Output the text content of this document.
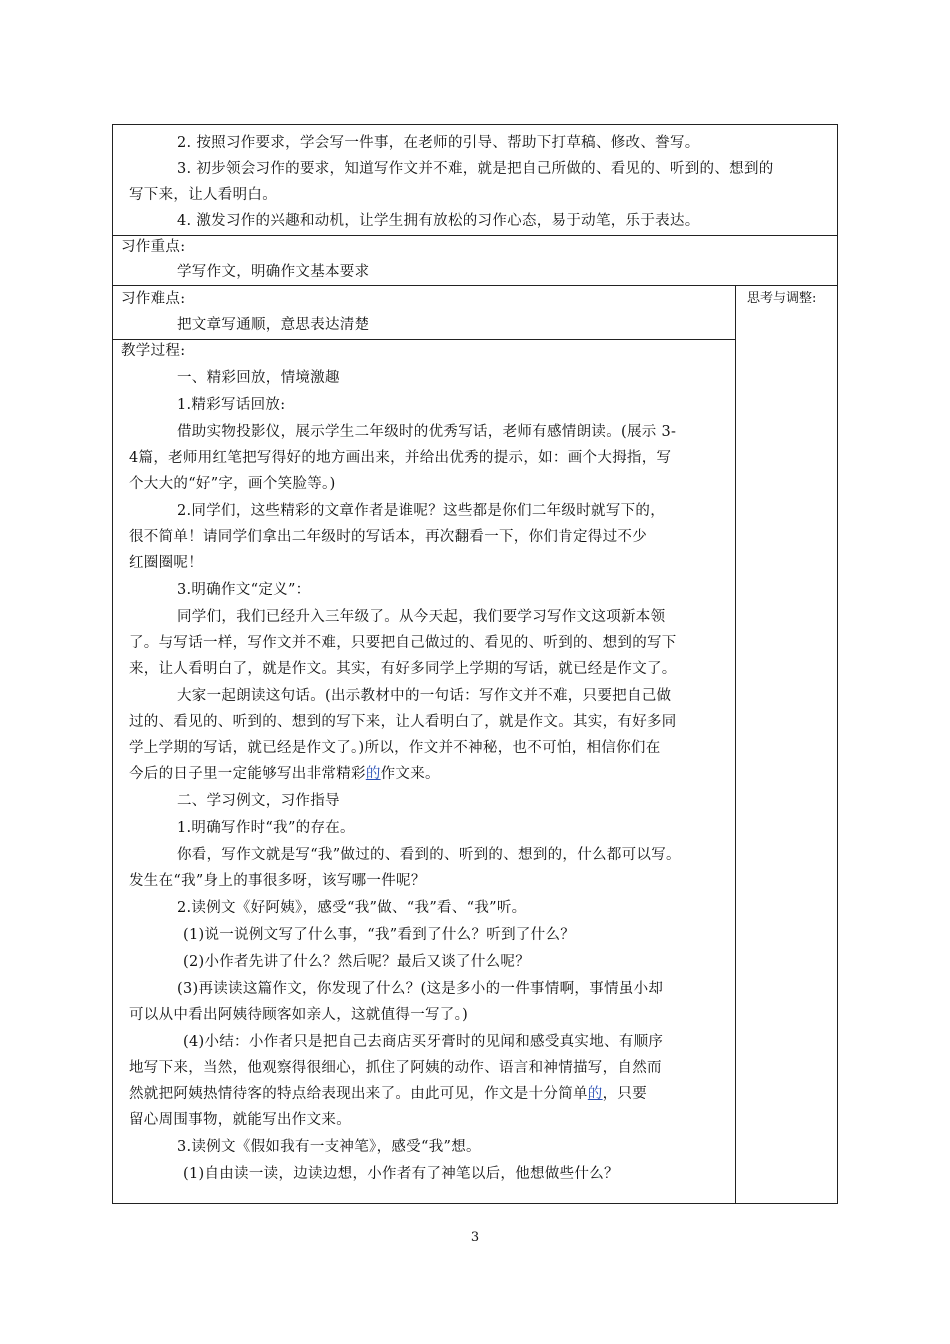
2. 按照习作要求，学会写一件事，在老师的引导、帮助下打草稿、修改、誊写。
3. 初步领会习作的要求，知道写作文并不难，就是把自己所做的、看见的、听到的、想到的
写下来，让人看明白。
4. 激发习作的兴趣和动机，让学生拥有放松的习作心态，易于动笔，乐于表达。
习作重点:
学写作文，明确作文基本要求
习作难点:
把文章写通顺，意思表达清楚
思考与调整:
教学过程:
一、精彩回放，情境激趣
1.精彩写话回放:
借助实物投影仪，展示学生二年级时的优秀写话，老师有感情朗读。(展示 3-
4篇，老师用红笔把写得好的地方画出来，并给出优秀的提示，如：画个大拇指，写
个大大的“好”字，画个笑脸等。)
2.同学们，这些精彩的文章作者是谁呢？这些都是你们二年级时就写下的，
很不简单！请同学们拿出二年级时的写话本，再次翻看一下，你们肯定得过不少
红圈圈呢！
3.明确作文“定义”：
同学们，我们已经升入三年级了。从今天起，我们要学习写作文这项新本领
了。与写话一样，写作文并不难，只要把自己做过的、看见的、听到的、想到的写下
来，让人看明白了，就是作文。其实，有好多同学上学期的写话，就已经是作文了。
大家一起朗读这句话。(出示教材中的一句话：写作文并不难，只要把自己做
过的、看见的、听到的、想到的写下来，让人看明白了，就是作文。其实，有好多同
学上学期的写话，就已经是作文了。)所以，作文并不神秘，也不可怕，相信你们在
今后的日子里一定能够写出非常精彩的作文来。
二、学习例文，习作指导
1.明确写作时“我”的存在。
你看，写作文就是写“我”做过的、看到的、听到的、想到的，什么都可以写。
发生在“我”身上的事很多呀，该写哪一件呢？
2.读例文《好阿姨》，感受“我”做、“我”看、“我”听。
(1)说一说例文写了什么事，“我”看到了什么？听到了什么？
(2)小作者先讲了什么？然后呢？最后又谈了什么呢？
(3)再读读这篇作文，你发现了什么？(这是多小的一件事情啊，事情虽小却
可以从中看出阿姨待顾客如亲人，这就值得一写了。)
(4)小结：小作者只是把自己去商店买牙膏时的见闻和感受真实地、有顺序
地写下来，当然，他观察得很细心，抓住了阿姨的动作、语言和神情描写，自然而
然就把阿姨热情待客的特点给表现出来了。由此可见，作文是十分简单的，只要
留心周围事物，就能写出作文来。
3.读例文《假如我有一支神笔》，感受“我”想。
(1)自由读一读，边读边想，小作者有了神笔以后，他想做些什么？
3
